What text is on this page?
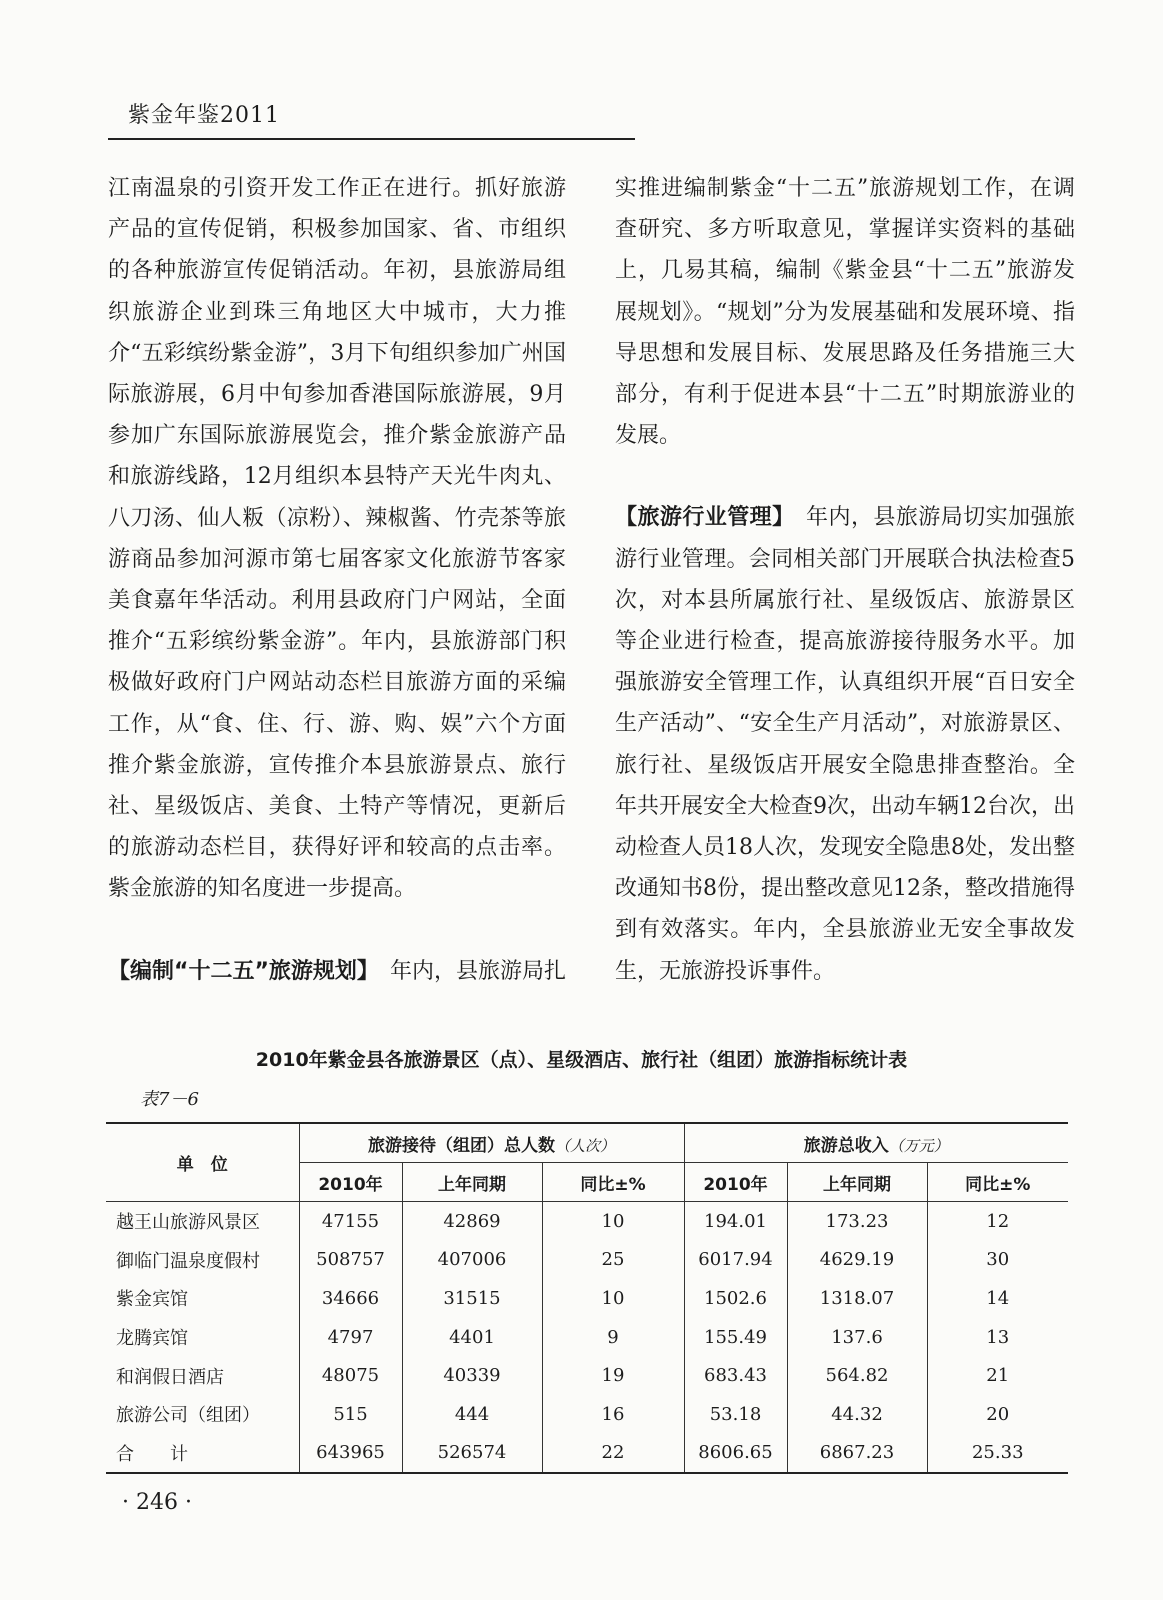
紫金年鉴2011

江南温泉的引资开发工作正在进行。抓好旅游产品的宣传促销，积极参加国家、省、市组织的各种旅游宣传促销活动。年初，县旅游局组织旅游企业到珠三角地区大中城市，大力推介“五彩缤纷紫金游”，3月下旬组织参加广州国际旅游展，6月中旬参加香港国际旅游展，9月参加广东国际旅游展览会，推介紫金旅游产品和旅游线路，12月组织本县特产天光牛肉丸、八刀汤、仙人粄（凉粉）、辣椒酱、竹壳茶等旅游商品参加河源市第七届客家文化旅游节客家美食嘉年华活动。利用县政府门户网站，全面推介“五彩缤纷紫金游”。年内，县旅游部门积极做好政府门户网站动态栏目旅游方面的采编工作，从“食、住、行、游、购、娱”六个方面推介紫金旅游，宣传推介本县旅游景点、旅行社、星级饭店、美食、土特产等情况，更新后的旅游动态栏目，获得好评和较高的点击率。紫金旅游的知名度进一步提高。

【编制“十二五”旅游规划】　 年内，县旅游局扎

实推进编制紫金“十二五”旅游规划工作，在调查研究、多方听取意见，掌握详实资料的基础上，几易其稿，编制《紫金县“十二五”旅游发展规划》。“规划”分为发展基础和发展环境、指导思想和发展目标、发展思路及任务措施三大部分，有利于促进本县“十二五”时期旅游业的发展。

【旅游行业管理】　 年内，县旅游局切实加强旅游行业管理。会同相关部门开展联合执法检查5次，对本县所属旅行社、星级饭店、旅游景区等企业进行检查，提高旅游接待服务水平。加强旅游安全管理工作，认真组织开展“百日安全生产活动”、“安全生产月活动”，对旅游景区、旅行社、星级饭店开展安全隐患排查整治。全年共开展安全大检查9次，出动车辆12台次，出动检查人员18人次，发现安全隐患8处，发出整改通知书8份，提出整改意见12条，整改措施得到有效落实。年内，全县旅游业无安全事故发生，无旅游投诉事件。

2010年紫金县各旅游景区（点）、星级酒店、旅行社（组团）旅游指标统计表
表7－6
单　位	旅游接待（组团）总人数（人次）			旅游总收入（万元）		
	2010年	上年同期	同比±%	2010年	上年同期	同比±%
越王山旅游风景区	47155	42869	10	194.01	173.23	12
御临门温泉度假村	508757	407006	25	6017.94	4629.19	30
紫金宾馆	34666	31515	10	1502.6	1318.07	14
龙腾宾馆	4797	4401	9	155.49	137.6	13
和润假日酒店	48075	40339	19	683.43	564.82	21
旅游公司（组团）	515	444	16	53.18	44.32	20
合　　计	643965	526574	22	8606.65	6867.23	25.33
· 246 ·
